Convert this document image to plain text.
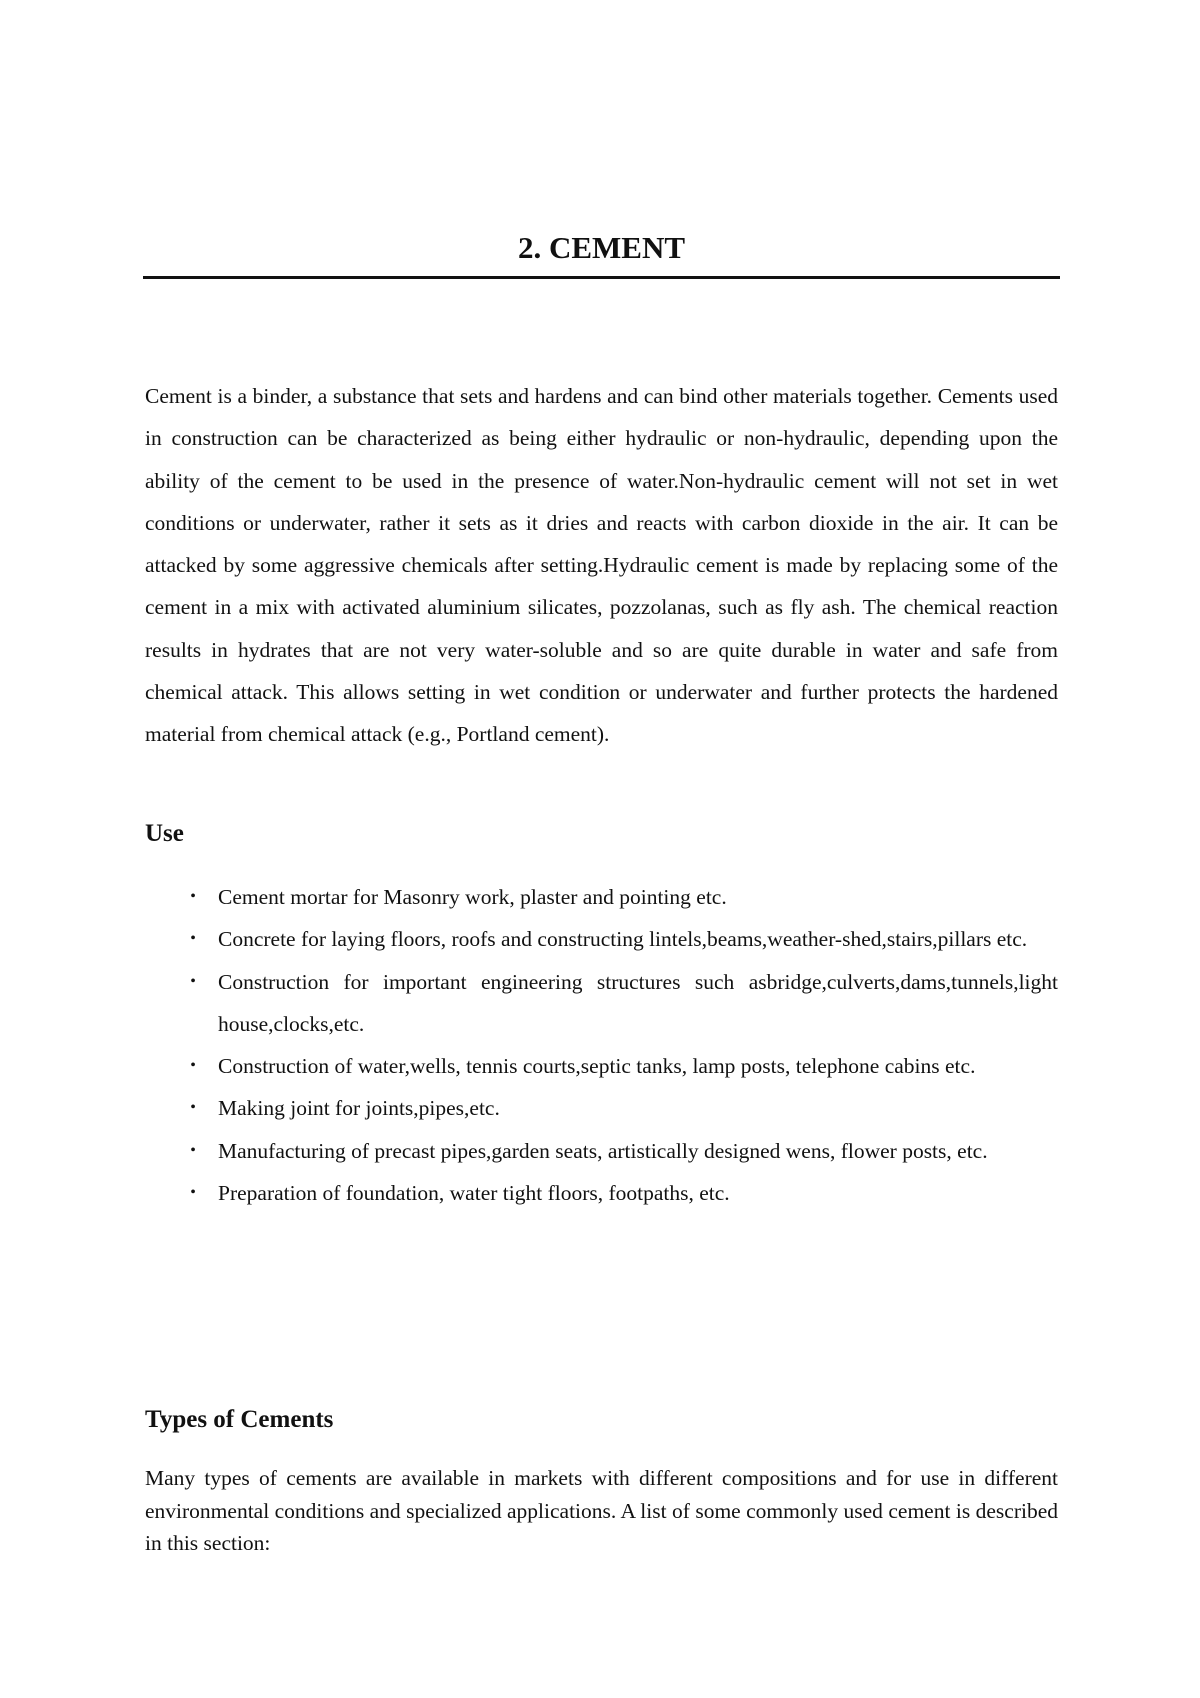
2. CEMENT

Cement is a binder, a substance that sets and hardens and can bind other materials together. Cements used in construction can be characterized as being either hydraulic or non-hydraulic, depending upon the ability of the cement to be used in the presence of water.Non-hydraulic cement will not set in wet conditions or underwater, rather it sets as it dries and reacts with carbon dioxide in the air. It can be attacked by some aggressive chemicals after setting.Hydraulic cement is made by replacing some of the cement in a mix with activated aluminium silicates, pozzolanas, such as fly ash. The chemical reaction results in hydrates that are not very water-soluble and so are quite durable in water and safe from chemical attack. This allows setting in wet condition or underwater and further protects the hardened material from chemical attack (e.g., Portland cement).

Use
•	Cement mortar for Masonry work, plaster and pointing etc.
•	Concrete for laying floors, roofs and constructing lintels,beams,weather-shed,stairs,pillars etc.
•	Construction for important engineering structures such asbridge,culverts,dams,tunnels,light house,clocks,etc.
•	Construction of water,wells, tennis courts,septic tanks, lamp posts, telephone cabins etc.
•	Making joint for joints,pipes,etc.
•	Manufacturing of precast pipes,garden seats, artistically designed wens, flower posts, etc.
•	Preparation of foundation, water tight floors, footpaths, etc.
Types of Cements

Many types of cements are available in markets with different compositions and for use in different environmental conditions and specialized applications. A list of some commonly used cement is described in this section:
